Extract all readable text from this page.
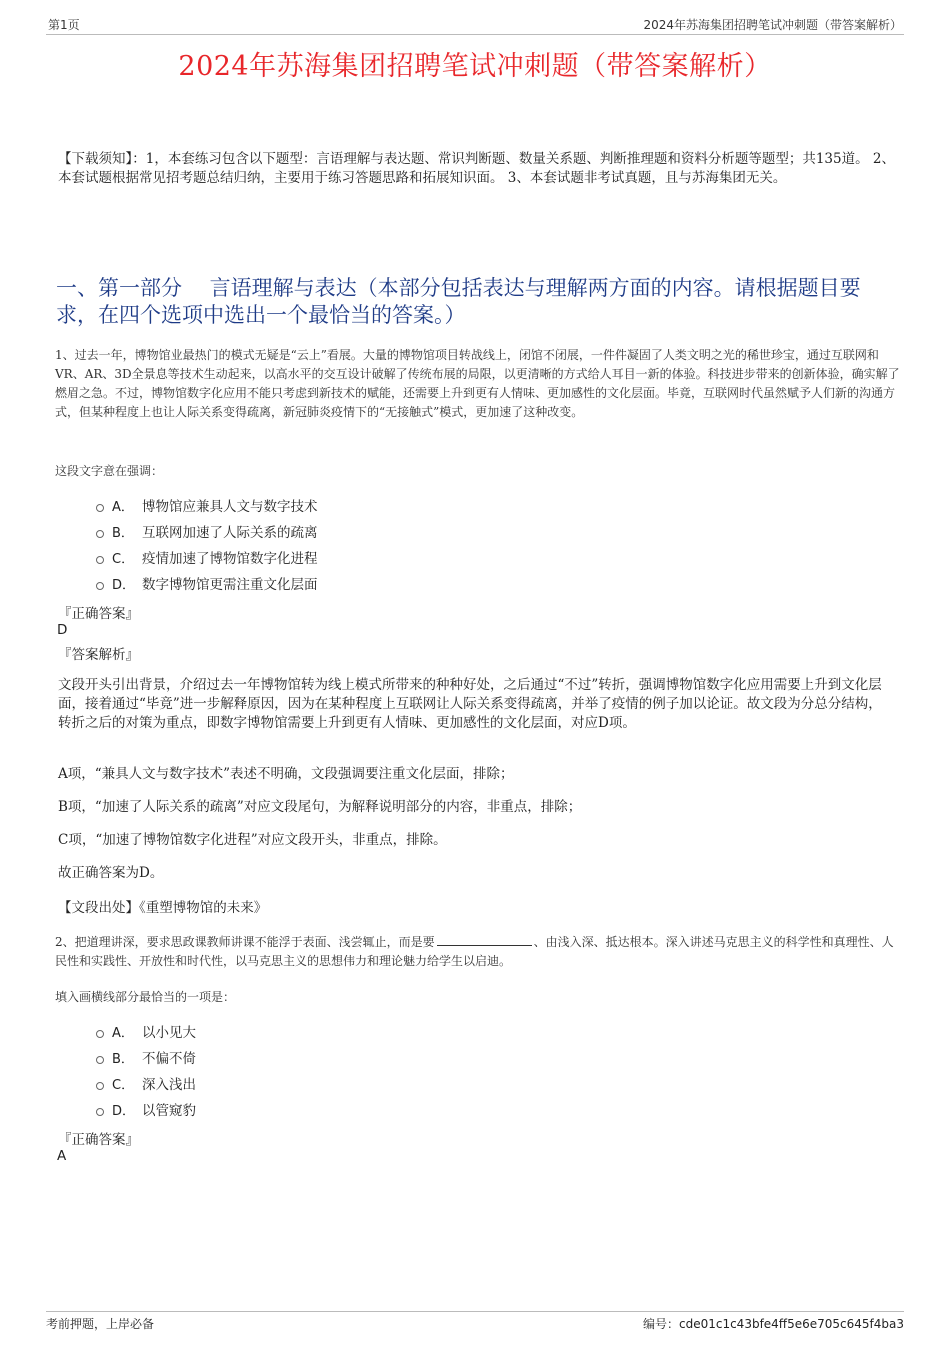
第1页	2024年苏海集团招聘笔试冲刺题（带答案解析）
2024年苏海集团招聘笔试冲刺题（带答案解析）
【下载须知】：1，本套练习包含以下题型：言语理解与表达题、常识判断题、数量关系题、判断推理题和资料分析题等题型；共135道。 2、本套试题根据常见招考题总结归纳，主要用于练习答题思路和拓展知识面。 3、本套试题非考试真题，且与苏海集团无关。
一、第一部分　 言语理解与表达（本部分包括表达与理解两方面的内容。请根据题目要求，在四个选项中选出一个最恰当的答案。）
1、过去一年，博物馆业最热门的模式无疑是“云上”看展。大量的博物馆项目转战线上，闭馆不闭展，一件件凝固了人类文明之光的稀世珍宝，通过互联网和VR、AR、3D全景息等技术生动起来，以高水平的交互设计破解了传统布展的局限，以更清晰的方式给人耳目一新的体验。科技进步带来的创新体验，确实解了燃眉之急。不过，博物馆数字化应用不能只考虑到新技术的赋能，还需要上升到更有人情味、更加感性的文化层面。毕竟，互联网时代虽然赋予人们新的沟通方式，但某种程度上也让人际关系变得疏离，新冠肺炎疫情下的“无接触式”模式，更加速了这种改变。
这段文字意在强调：
A． 博物馆应兼具人文与数字技术
B． 互联网加速了人际关系的疏离
C． 疫情加速了博物馆数字化进程
D． 数字博物馆更需注重文化层面
『正确答案』
D
『答案解析』
文段开头引出背景，介绍过去一年博物馆转为线上模式所带来的种种好处，之后通过“不过”转折，强调博物馆数字化应用需要上升到文化层面，接着通过“毕竟”进一步解释原因，因为在某种程度上互联网让人际关系变得疏离，并举了疫情的例子加以论证。故文段为分总分结构，转折之后的对策为重点，即数字博物馆需要上升到更有人情味、更加感性的文化层面，对应D项。
A项，“兼具人文与数字技术”表述不明确，文段强调要注重文化层面，排除；
B项，“加速了人际关系的疏离”对应文段尾句，为解释说明部分的内容，非重点，排除；
C项，“加速了博物馆数字化进程”对应文段开头，非重点，排除。
故正确答案为D。
【文段出处】《重塑博物馆的未来》
2、把道理讲深，要求思政课教师讲课不能浮于表面、浅尝辄止，而是要	、由浅入深、抵达根本。深入讲述马克思主义的科学性和真理性、人民性和实践性、开放性和时代性，以马克思主义的思想伟力和理论魅力给学生以启迪。
填入画横线部分最恰当的一项是：
A． 以小见大
B． 不偏不倚
C． 深入浅出
D． 以管窥豹
『正确答案』
A
考前押题，上岸必备	编号：cde01c1c43bfe4ff5e6e705c645f4ba3
